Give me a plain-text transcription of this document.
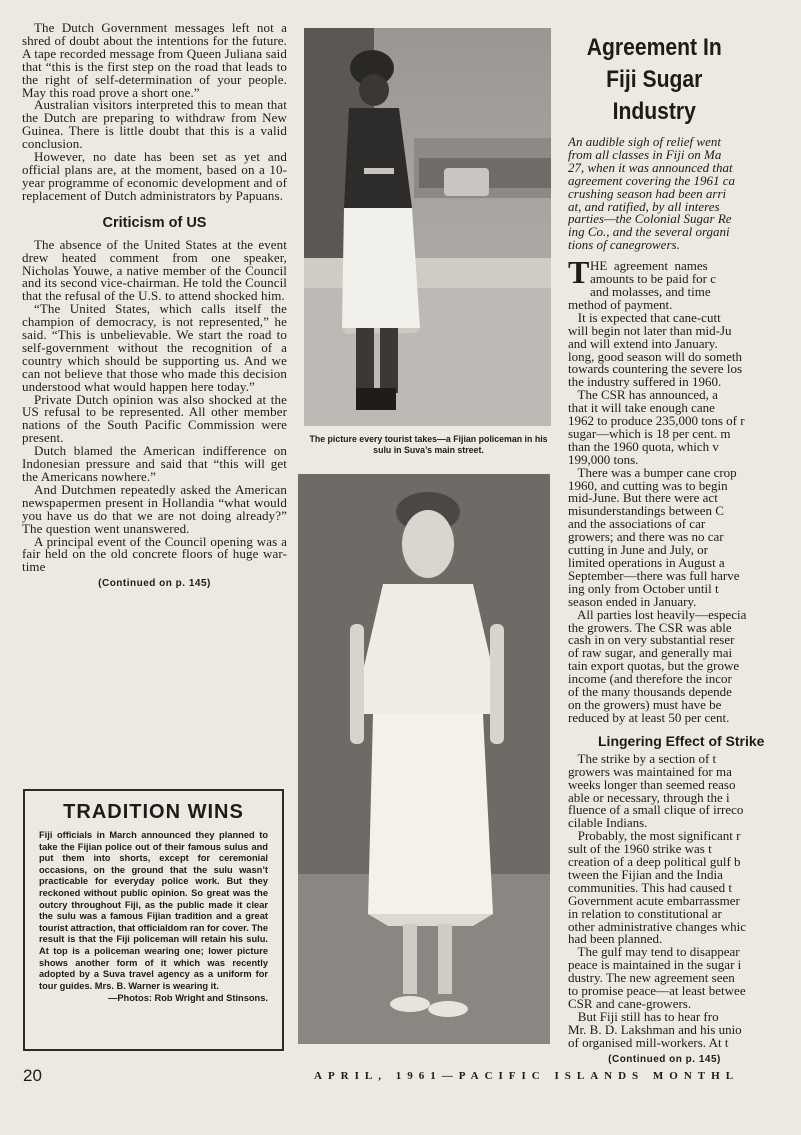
The Dutch Government messages left not a shred of doubt about the intentions for the future. A tape recorded message from Queen Juliana said that “this is the first step on the road that leads to the right of self-determination of your people. May this road prove a short one.”

Australian visitors interpreted this to mean that the Dutch are preparing to withdraw from New Guinea. There is little doubt that this is a valid conclusion.

However, no date has been set as yet and official plans are, at the moment, based on a 10-year programme of economic development and of replacement of Dutch administrators by Papuans.

Criticism of US

The absence of the United States at the event drew heated comment from one speaker, Nicholas Youwe, a native member of the Council and its second vice-chairman. He told the Council that the refusal of the U.S. to attend shocked him.

“The United States, which calls itself the champion of democracy, is not represented,” he said. “This is unbelievable. We start the road to self-government without the recognition of a country which should be supporting us. And we can not believe that those who made this decision understood what would happen here today.”

Private Dutch opinion was also shocked at the US refusal to be represented. All other member nations of the South Pacific Commission were present.

Dutch blamed the American indifference on Indonesian pressure and said that “this will get the Americans nowhere.”

And Dutchmen repeatedly asked the American newspapermen present in Hollandia “what would you have us do that we are not doing already?” The question went unanswered.

A principal event of the Council opening was a fair held on the old concrete floors of huge war-time

(Continued on p. 145)
TRADITION WINS

Fiji officials in March announced they planned to take the Fijian police out of their famous sulus and put them into shorts, except for ceremonial occasions, on the ground that the sulu wasn’t practicable for everyday police work. But they reckoned without public opinion. So great was the outcry throughout Fiji, as the public made it clear the sulu was a famous Fijian tradition and a great tourist attraction, that officialdom ran for cover. The result is that the Fiji policeman will retain his sulu. At top is a policeman wearing one; lower picture shows another form of it which was recently adopted by a Suva travel agency as a uniform for tour guides. Mrs. B. Warner is wearing it.

—Photos: Rob Wright and Stinsons.
The picture every tourist takes—a Fijian policeman in his sulu in Suva’s main street.
Agreement In
Fiji Sugar
Industry
An audible sigh of relief went
from all classes in Fiji on Ma
27, when it was announced that
agreement covering the 1961 ca
crushing season had been arri
at, and ratified, by all interes
parties—the Colonial Sugar Re
ing Co., and the several organi
tions of canegrowers.
T HE  agreement  names
amounts to be paid for c
and molasses, and time
method of payment.
It is expected that cane-cutt
will begin not later than mid-Ju
and will extend into January.
long, good season will do someth
towards countering the severe los
the industry suffered in 1960.
The CSR has announced, a
that it will take enough cane
1962 to produce 235,000 tons of r
sugar—which is 18 per cent. m
than the 1960 quota, which v
199,000 tons.
There was a bumper cane crop
1960, and cutting was to begin
mid-June. But there were act
misunderstandings between C
and the associations of car
growers; and there was no car
cutting in June and July, or
limited operations in August a
September—there was full harve
ing only from October until t
season ended in January.
All parties lost heavily—especia
the growers. The CSR was able
cash in on very substantial reser
of raw sugar, and generally mai
tain export quotas, but the growe
income (and therefore the incor
of the many thousands depende
on the growers) must have be
reduced by at least 50 per cent.
Lingering Effect of Strike
The strike by a section of t
growers was maintained for ma
weeks longer than seemed reaso
able or necessary, through the i
fluence of a small clique of irreco
cilable Indians.
Probably, the most significant r
sult of the 1960 strike was t
creation of a deep political gulf b
tween the Fijian and the India
communities. This had caused t
Government acute embarrassmer
in relation to constitutional ar
other administrative changes whic
had been planned.
The gulf may tend to disappear
peace is maintained in the sugar i
dustry. The new agreement seen
to promise peace—at least betwee
CSR and cane-growers.
But Fiji still has to hear fro
Mr. B. D. Lakshman and his unio
of organised mill-workers. At t
(Continued on p. 145)
20	APRIL, 1961—PACIFIC ISLANDS MONTHL
